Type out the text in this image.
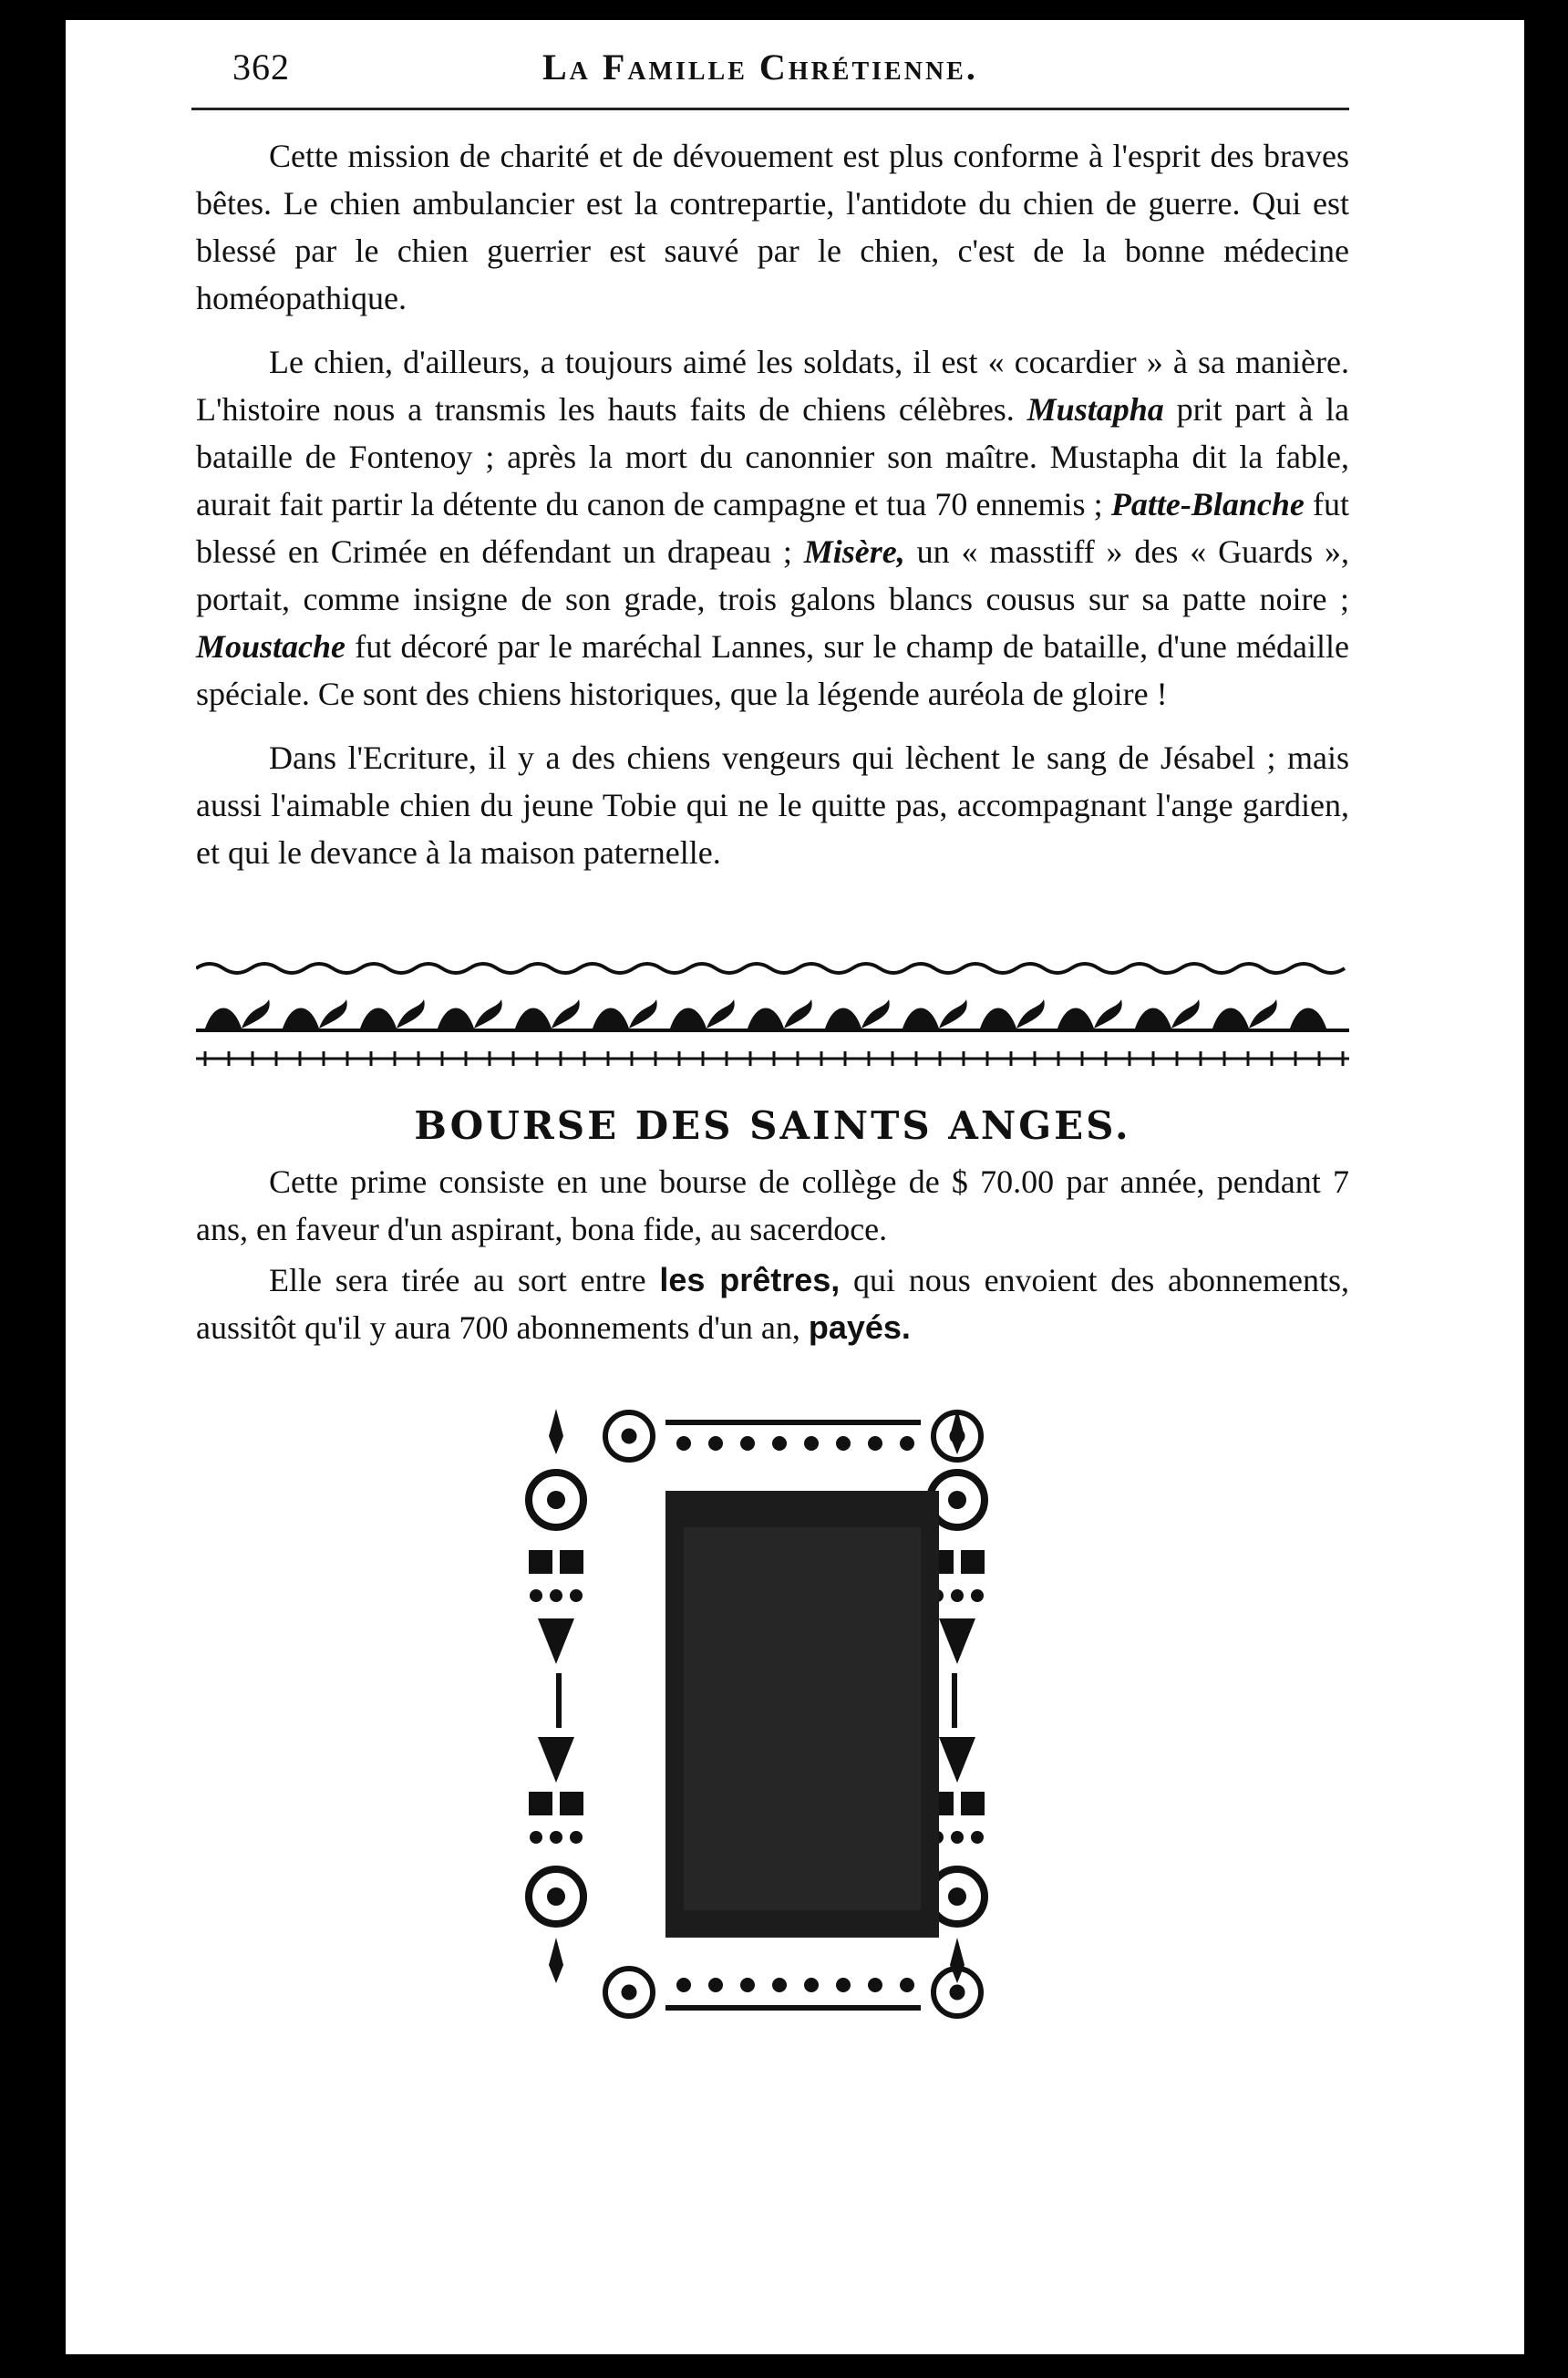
362	La Famille Chrétienne.

Cette mission de charité et de dévouement est plus conforme à l'esprit des braves bêtes. Le chien ambulancier est la contrepartie, l'antidote du chien de guerre. Qui est blessé par le chien guerrier est sauvé par le chien, c'est de la bonne médecine homéopathique.

Le chien, d'ailleurs, a toujours aimé les soldats, il est « cocardier » à sa manière. L'histoire nous a transmis les hauts faits de chiens célèbres. Mustapha prit part à la bataille de Fontenoy ; après la mort du canonnier son maître. Mustapha dit la fable, aurait fait partir la détente du canon de campagne et tua 70 ennemis ; Patte-Blanche fut blessé en Crimée en défendant un drapeau ; Misère, un « masstiff » des « Guards », portait, comme insigne de son grade, trois galons blancs cousus sur sa patte noire ; Moustache fut décoré par le maréchal Lannes, sur le champ de bataille, d'une médaille spéciale. Ce sont des chiens historiques, que la légende auréola de gloire !

Dans l'Ecriture, il y a des chiens vengeurs qui lèchent le sang de Jésabel ; mais aussi l'aimable chien du jeune Tobie qui ne le quitte pas, accompagnant l'ange gardien, et qui le devance à la maison paternelle.

BOURSE DES SAINTS ANGES.

Cette prime consiste en une bourse de collège de $ 70.00 par année, pendant 7 ans, en faveur d'un aspirant, bona fide, au sacerdoce.

Elle sera tirée au sort entre les prêtres, qui nous envoient des abonnements, aussitôt qu'il y aura 700 abonnements d'un an, payés.
